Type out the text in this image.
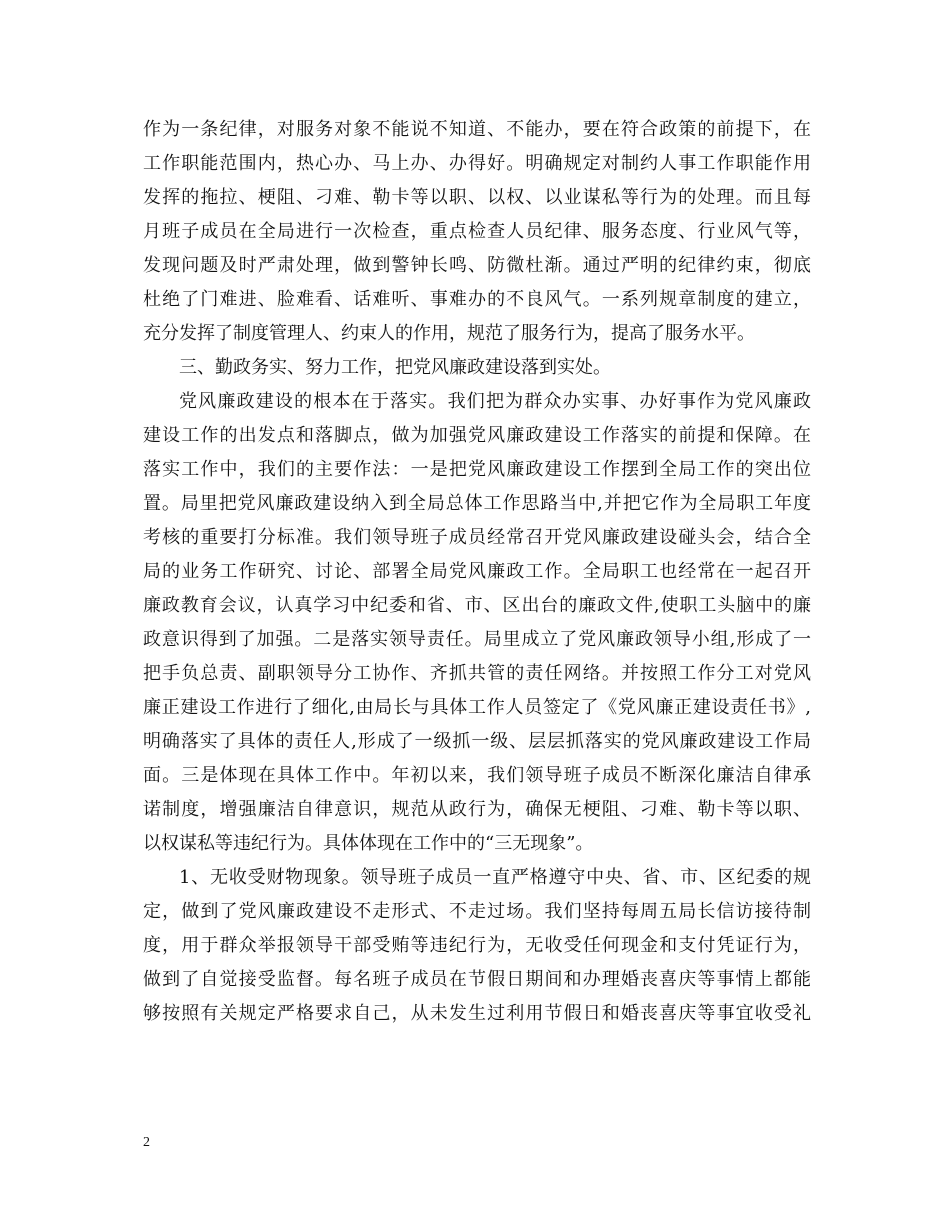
作为一条纪律，对服务对象不能说不知道、不能办，要在符合政策的前提下，在
工作职能范围内，热心办、马上办、办得好。明确规定对制约人事工作职能作用
发挥的拖拉、梗阻、刁难、勒卡等以职、以权、以业谋私等行为的处理。而且每
月班子成员在全局进行一次检查，重点检查人员纪律、服务态度、行业风气等，
发现问题及时严肃处理，做到警钟长鸣、防微杜渐。通过严明的纪律约束，彻底
杜绝了门难进、脸难看、话难听、事难办的不良风气。一系列规章制度的建立，
充分发挥了制度管理人、约束人的作用，规范了服务行为，提高了服务水平。
三、勤政务实、努力工作，把党风廉政建设落到实处。
党风廉政建设的根本在于落实。我们把为群众办实事、办好事作为党风廉政
建设工作的出发点和落脚点，做为加强党风廉政建设工作落实的前提和保障。在
落实工作中，我们的主要作法：一是把党风廉政建设工作摆到全局工作的突出位
置。局里把党风廉政建设纳入到全局总体工作思路当中,并把它作为全局职工年度
考核的重要打分标准。我们领导班子成员经常召开党风廉政建设碰头会，结合全
局的业务工作研究、讨论、部署全局党风廉政工作。全局职工也经常在一起召开
廉政教育会议，认真学习中纪委和省、市、区出台的廉政文件,使职工头脑中的廉
政意识得到了加强。二是落实领导责任。局里成立了党风廉政领导小组,形成了一
把手负总责、副职领导分工协作、齐抓共管的责任网络。并按照工作分工对党风
廉正建设工作进行了细化,由局长与具体工作人员签定了《党风廉正建设责任书》,
明确落实了具体的责任人,形成了一级抓一级、层层抓落实的党风廉政建设工作局
面。三是体现在具体工作中。年初以来，我们领导班子成员不断深化廉洁自律承
诺制度，增强廉洁自律意识，规范从政行为，确保无梗阻、刁难、勒卡等以职、
以权谋私等违纪行为。具体体现在工作中的“三无现象”。
1、无收受财物现象。领导班子成员一直严格遵守中央、省、市、区纪委的规
定，做到了党风廉政建设不走形式、不走过场。我们坚持每周五局长信访接待制
度，用于群众举报领导干部受贿等违纪行为，无收受任何现金和支付凭证行为，
做到了自觉接受监督。每名班子成员在节假日期间和办理婚丧喜庆等事情上都能
够按照有关规定严格要求自己，从未发生过利用节假日和婚丧喜庆等事宜收受礼
2
